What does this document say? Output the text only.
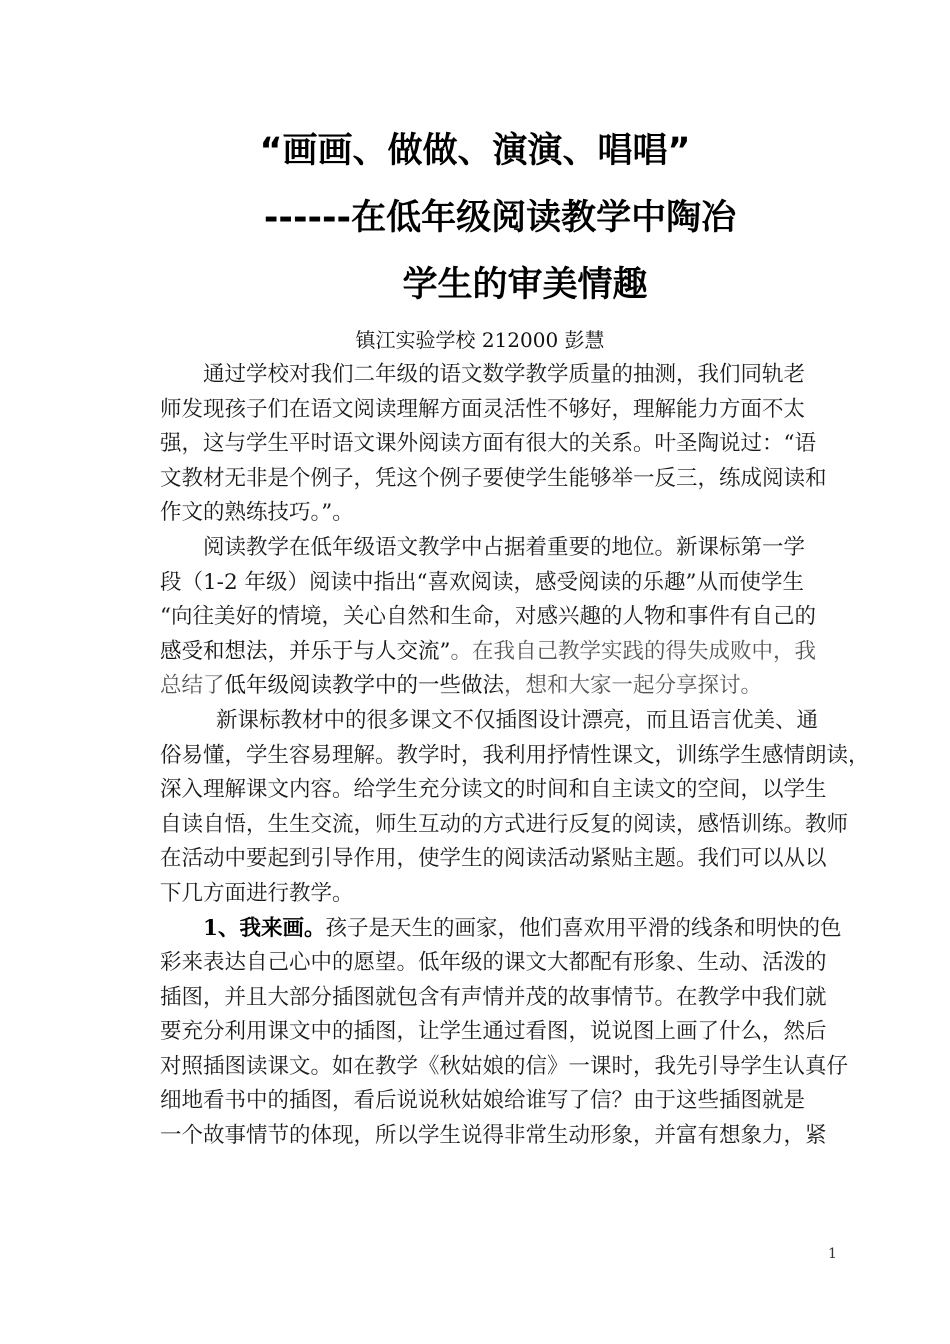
“画画、做做、演演、唱唱”
------在低年级阅读教学中陶冶
学生的审美情趣
镇江实验学校 212000 彭慧
通过学校对我们二年级的语文数学教学质量的抽测，我们同轨老
师发现孩子们在语文阅读理解方面灵活性不够好，理解能力方面不太
强，这与学生平时语文课外阅读方面有很大的关系。叶圣陶说过：“语
文教材无非是个例子，凭这个例子要使学生能够举一反三，练成阅读和
作文的熟练技巧。”。
阅读教学在低年级语文教学中占据着重要的地位。新课标第一学
段（1-2 年级）阅读中指出“喜欢阅读，感受阅读的乐趣”从而使学生
“向往美好的情境，关心自然和生命，对感兴趣的人物和事件有自己的
感受和想法，并乐于与人交流”。在我自己教学实践的得失成败中，我
总结了低年级阅读教学中的一些做法，想和大家一起分享探讨。
新课标教材中的很多课文不仅插图设计漂亮，而且语言优美、通
俗易懂，学生容易理解。教学时，我利用抒情性课文，训练学生感情朗读，
深入理解课文内容。给学生充分读文的时间和自主读文的空间，以学生
自读自悟，生生交流，师生互动的方式进行反复的阅读，感悟训练。教师
在活动中要起到引导作用，使学生的阅读活动紧贴主题。我们可以从以
下几方面进行教学。
1、我来画。孩子是天生的画家，他们喜欢用平滑的线条和明快的色
彩来表达自己心中的愿望。低年级的课文大都配有形象、生动、活泼的
插图，并且大部分插图就包含有声情并茂的故事情节。在教学中我们就
要充分利用课文中的插图，让学生通过看图，说说图上画了什么，然后
对照插图读课文。如在教学《秋姑娘的信》一课时，我先引导学生认真仔
细地看书中的插图，看后说说秋姑娘给谁写了信？由于这些插图就是
一个故事情节的体现，所以学生说得非常生动形象，并富有想象力，紧
1
